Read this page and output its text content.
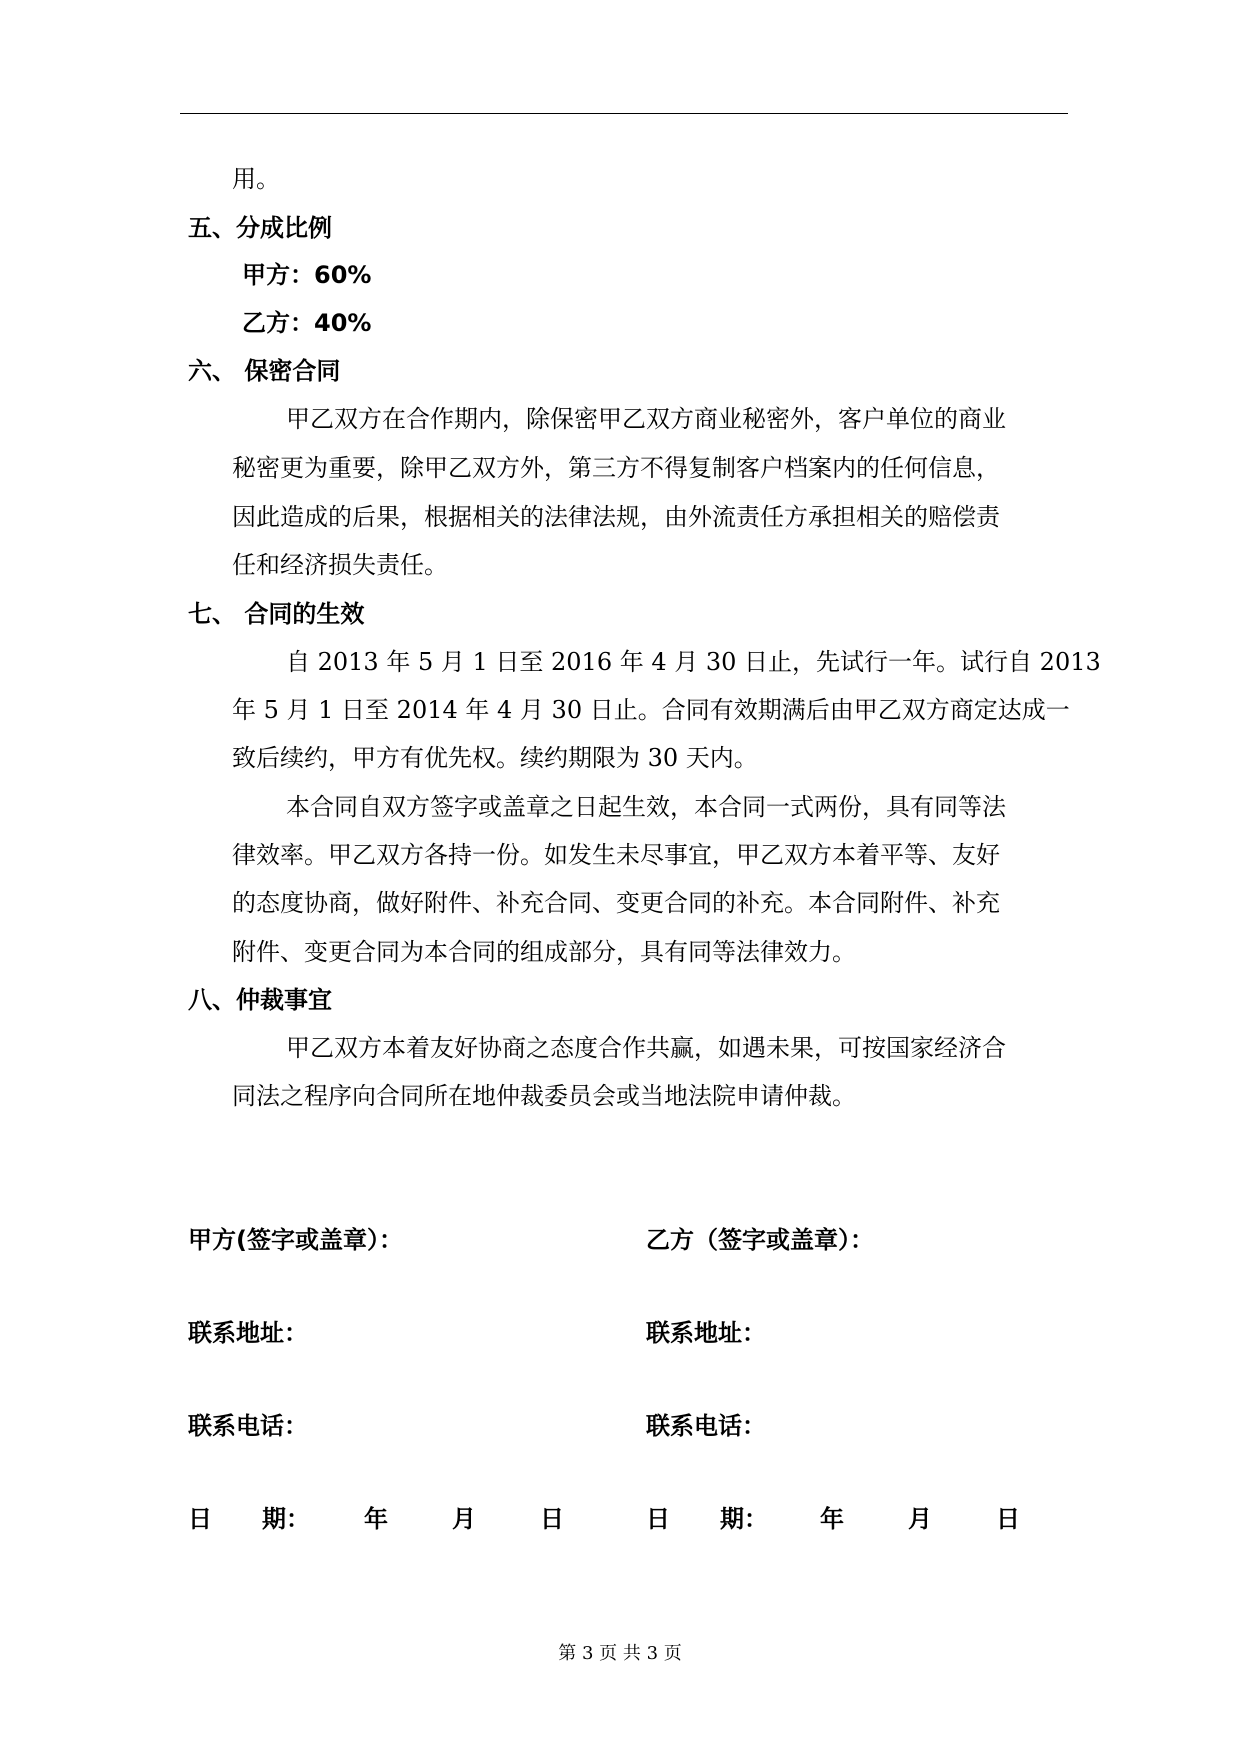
用。
五、分成比例
甲方：60%
乙方：40%
六、 保密合同
甲乙双方在合作期内，除保密甲乙双方商业秘密外，客户单位的商业
秘密更为重要，除甲乙双方外，第三方不得复制客户档案内的任何信息，
因此造成的后果，根据相关的法律法规，由外流责任方承担相关的赔偿责
任和经济损失责任。
七、 合同的生效
自 2013 年 5 月 1 日至 2016 年 4 月 30 日止，先试行一年。试行自 2013
年 5 月 1 日至 2014 年 4 月 30 日止。合同有效期满后由甲乙双方商定达成一
致后续约，甲方有优先权。续约期限为 30 天内。
本合同自双方签字或盖章之日起生效，本合同一式两份，具有同等法
律效率。甲乙双方各持一份。如发生未尽事宜，甲乙双方本着平等、友好
的态度协商，做好附件、补充合同、变更合同的补充。本合同附件、补充
附件、变更合同为本合同的组成部分，具有同等法律效力。
八、仲裁事宜
甲乙双方本着友好协商之态度合作共赢，如遇未果，可按国家经济合
同法之程序向合同所在地仲裁委员会或当地法院申请仲裁。
甲方(签字或盖章）：	乙方（签字或盖章）：
联系地址：	联系地址：
联系电话：	联系电话：
日 期： 年	月	日	日 期： 年	月	日
第 3 页 共 3 页
